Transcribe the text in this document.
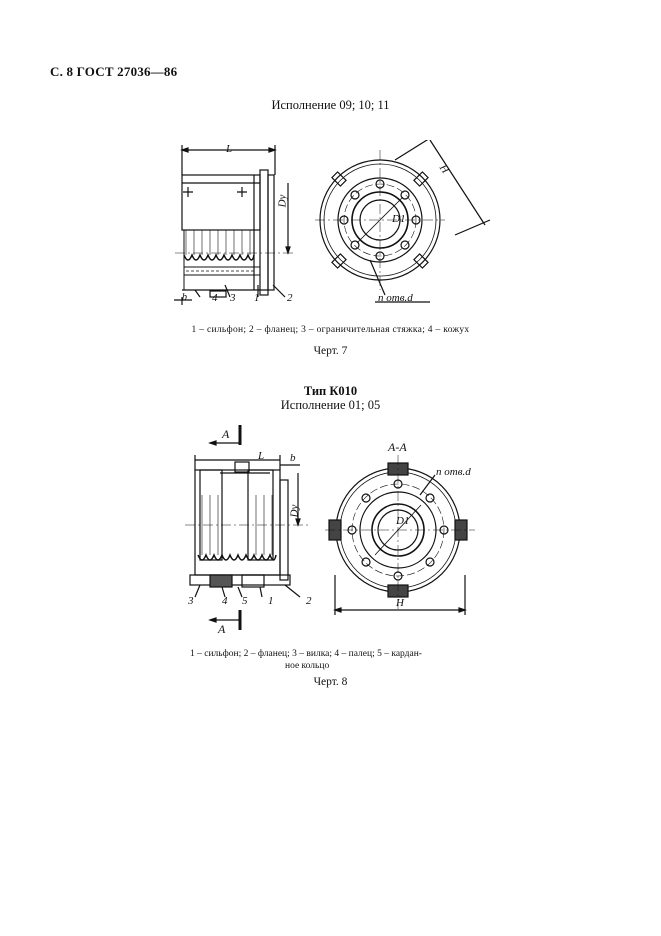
С. 8 ГОСТ 27036—86
Исполнение 09; 10; 11
L
Dу
b 4 3 1	2
H
D1
n отв.d
1 – сильфон; 2 – фланец; 3 – ограничительная стяжка; 4 – кожух
Черт. 7
Тип К010
Исполнение 01; 05
A
A
L b
Dу
3	4 5 1	2
A-A
n отв.d
D1
H
1 – сильфон; 2 – фланец; 3 – вилка; 4 – палец; 5 – кардан-
ное кольцо
Черт. 8
